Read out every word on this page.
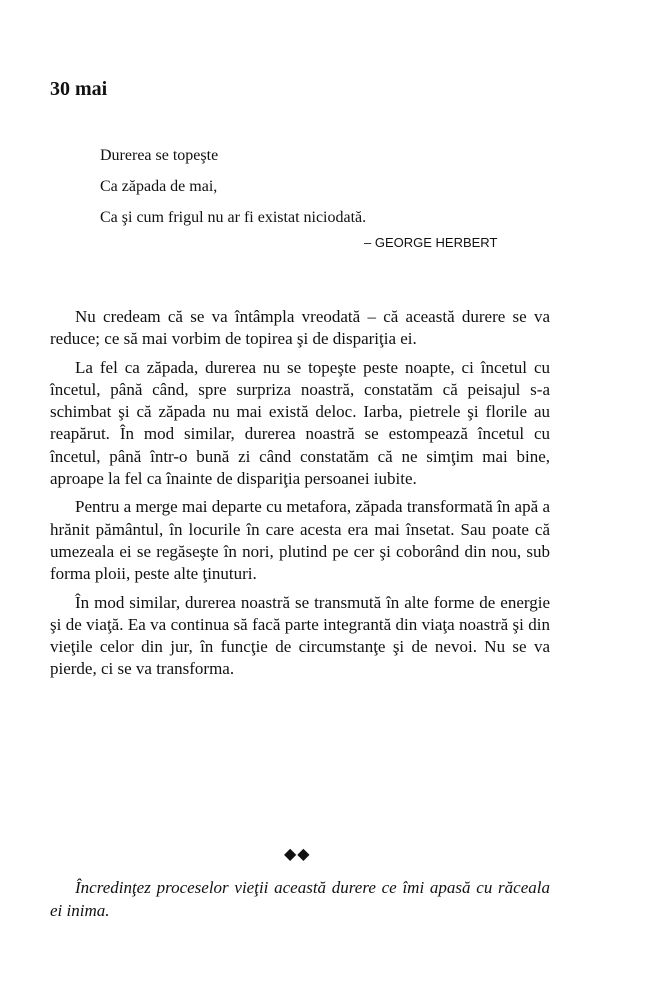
30 mai

Durerea se topeşte

Ca zăpada de mai,

Ca şi cum frigul nu ar fi existat niciodată.

– GEORGE HERBERT

Nu credeam că se va întâmpla vreodată – că această durere se va reduce; ce să mai vorbim de topirea şi de dispariţia ei.

La fel ca zăpada, durerea nu se topeşte peste noapte, ci încetul cu încetul, până când, spre surpriza noastră, constatăm că peisajul s-a schimbat şi că zăpada nu mai există deloc. Iarba, pietrele şi florile au reapărut. În mod similar, durerea noastră se estompează încetul cu încetul, până într-o bună zi când constatăm că ne simţim mai bine, aproape la fel ca înainte de dispariţia persoanei iubite.

Pentru a merge mai departe cu metafora, zăpada transformată în apă a hrănit pământul, în locurile în care acesta era mai însetat. Sau poate că umezeala ei se regăseşte în nori, plutind pe cer şi coborând din nou, sub forma ploii, peste alte ţinuturi.

În mod similar, durerea noastră se transmută în alte forme de energie şi de viaţă. Ea va continua să facă parte integrantă din viaţa noastră şi din vieţile celor din jur, în funcţie de circumstanţe şi de nevoi. Nu se va pierde, ci se va transforma.

◆◆

Încredinţez proceselor vieţii această durere ce îmi apasă cu răceala ei inima.
